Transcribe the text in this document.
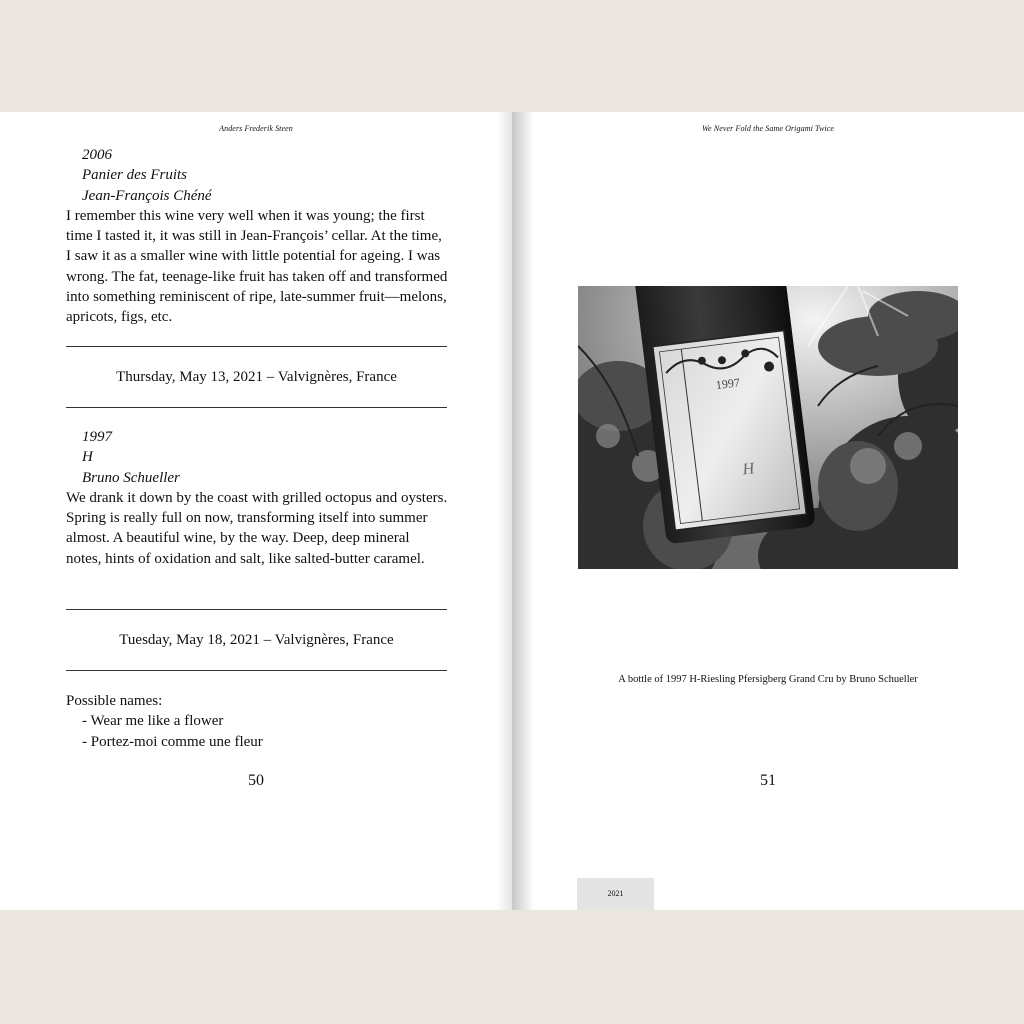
Anders Frederik Steen
2006
Panier des Fruits
Jean-François Chéné

I remember this wine very well when it was young; the first time I tasted it, it was still in Jean-François’ cellar. At the time, I saw it as a smaller wine with little potential for ageing. I was wrong. The fat, teenage-like fruit has taken off and transformed into something reminiscent of ripe, late-summer fruit—melons, apricots, figs, etc.

Thursday, May 13, 2021 – Valvignères, France
1997
H
Bruno Schueller

We drank it down by the coast with grilled octopus and oysters. Spring is really full on now, transforming itself into summer almost. A beautiful wine, by the way. Deep, deep mineral notes, hints of oxidation and salt, like salted-butter caramel.

Tuesday, May 18, 2021 – Valvignères, France
Possible names:
- Wear me like a flower
- Portez-moi comme une fleur
50
We Never Fold the Same Origami Twice
1997
H
A bottle of 1997 H-Riesling Pfersigberg Grand Cru by Bruno Schueller
51
2021
